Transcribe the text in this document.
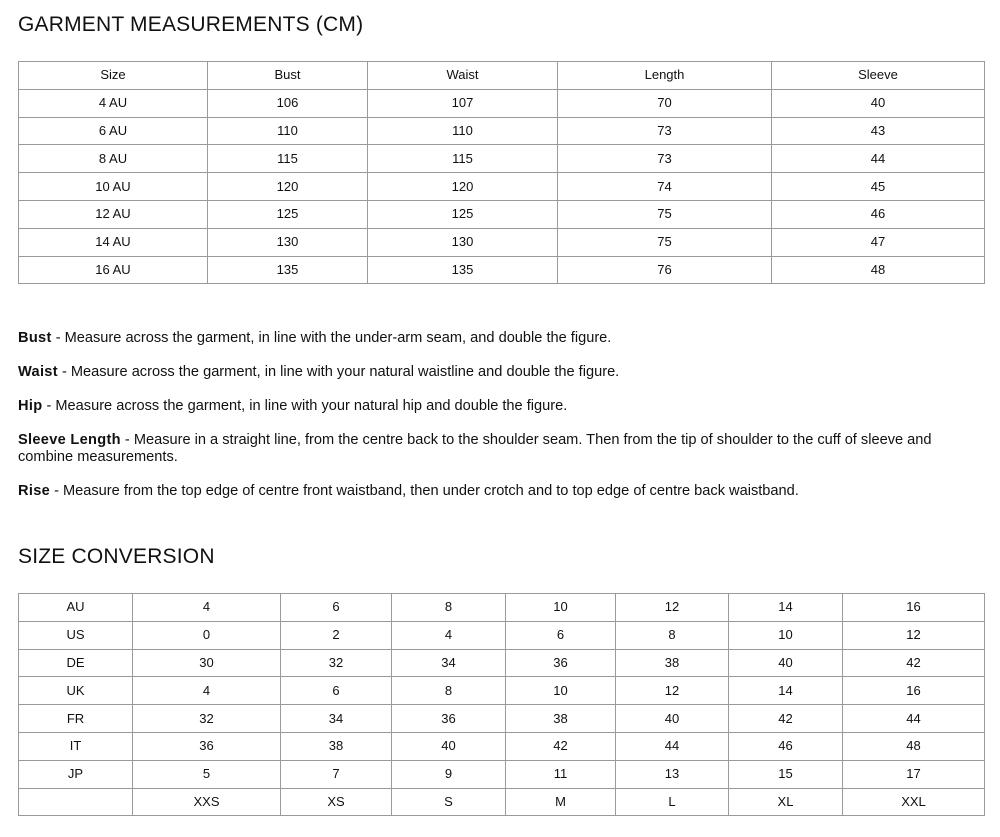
GARMENT MEASUREMENTS (CM)
Size	Bust	Waist	Length	Sleeve
4 AU	106	107	70	40
6 AU	110	110	73	43
8 AU	115	115	73	44
10 AU	120	120	74	45
12 AU	125	125	75	46
14 AU	130	130	75	47
16 AU	135	135	76	48

Bust - Measure across the garment, in line with the under-arm seam, and double the figure.

Waist - Measure across the garment, in line with your natural waistline and double the figure.

Hip - Measure across the garment, in line with your natural hip and double the figure.

Sleeve Length - Measure in a straight line, from the centre back to the shoulder seam. Then from the tip of shoulder to the cuff of sleeve and combine measurements.

Rise - Measure from the top edge of centre front waistband, then under crotch and to top edge of centre back waistband.

SIZE CONVERSION
AU	4	6	8	10	12	14	16
US	0	2	4	6	8	10	12
DE	30	32	34	36	38	40	42
UK	4	6	8	10	12	14	16
FR	32	34	36	38	40	42	44
IT	36	38	40	42	44	46	48
JP	5	7	9	11	13	15	17
	XXS	XS	S	M	L	XL	XXL
